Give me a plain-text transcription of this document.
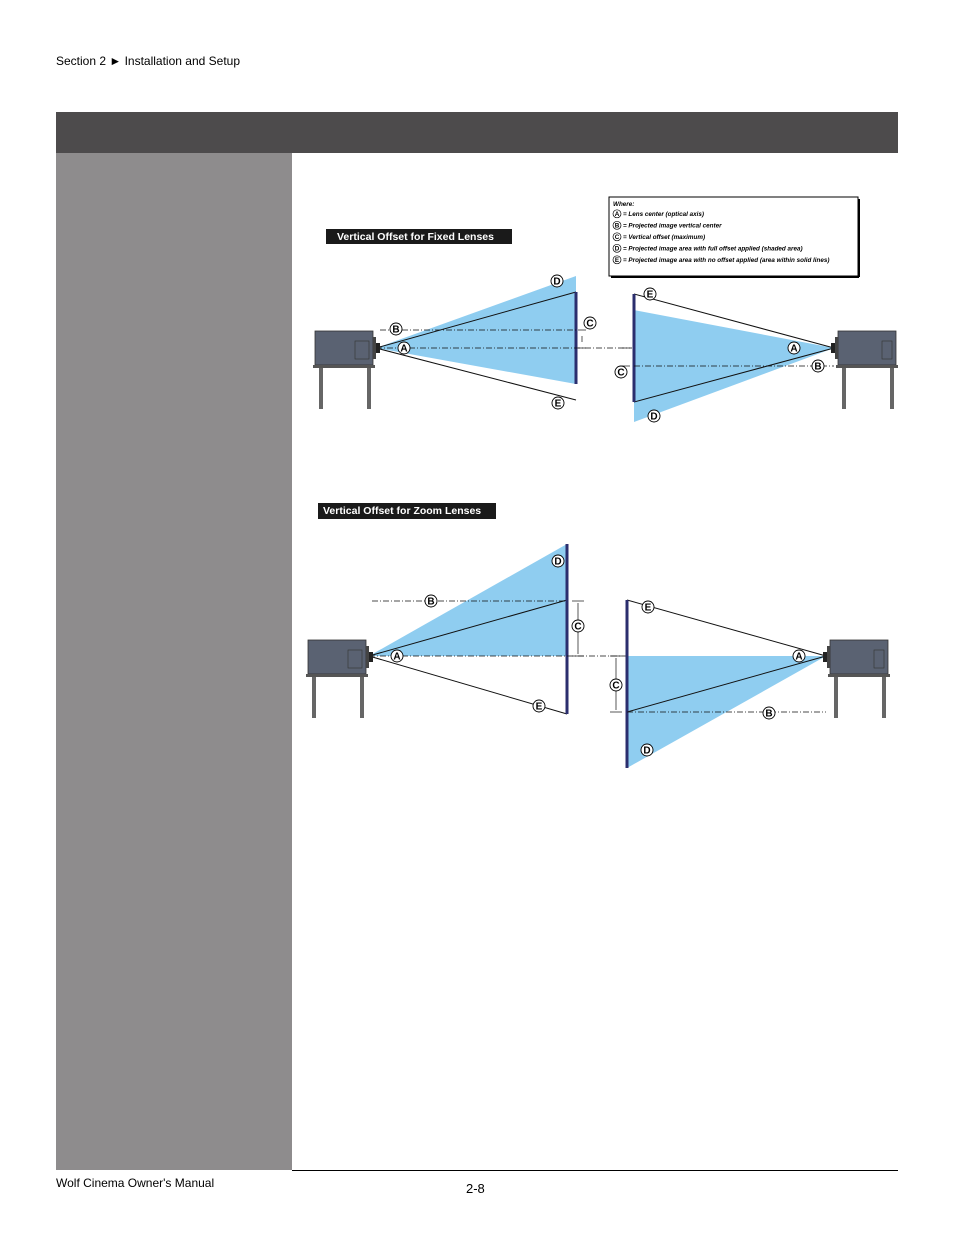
Section 2 ► Installation and Setup
Where:
A = Lens center (optical axis)
B = Projected image vertical center
C = Vertical offset (maximum)
D = Projected image area with full offset applied (shaded area)
E = Projected image area with no offset applied (area within solid lines)
Vertical Offset for Fixed Lenses
Vertical Offset for Zoom Lenses
D
C
B
A
E
E
A
C
B
D
D
B
C
A
E
E
A
C
B
D
Wolf Cinema Owner's Manual	2-8
